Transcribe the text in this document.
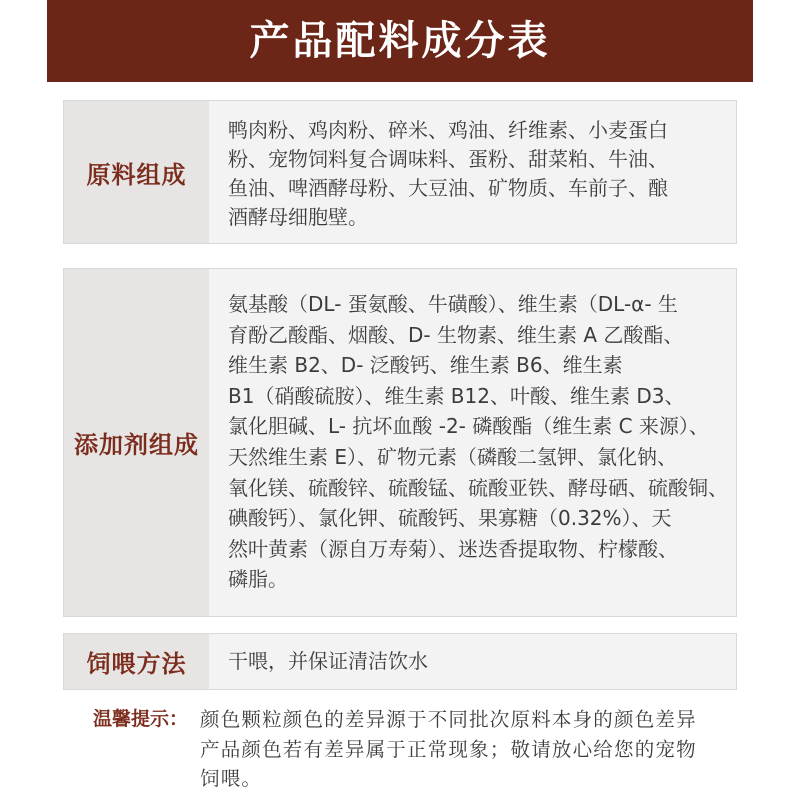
产品配料成分表
原料组成
鸭肉粉、鸡肉粉、碎米、鸡油、纤维素、小麦蛋白
粉、宠物饲料复合调味料、蛋粉、甜菜粕、牛油、
鱼油、啤酒酵母粉、大豆油、矿物质、车前子、酿
酒酵母细胞壁。
添加剂组成
氨基酸（DL- 蛋氨酸、牛磺酸）、维生素（DL-α- 生
育酚乙酸酯、烟酸、D- 生物素、维生素 A 乙酸酯、
维生素 B2、D- 泛酸钙、维生素 B6、维生素
B1（硝酸硫胺）、维生素 B12、叶酸、维生素 D3、
氯化胆碱、L- 抗坏血酸 -2- 磷酸酯（维生素 C 来源）、
天然维生素 E）、矿物元素（磷酸二氢钾、氯化钠、
氧化镁、硫酸锌、硫酸锰、硫酸亚铁、酵母硒、硫酸铜、
碘酸钙）、氯化钾、硫酸钙、果寡糖（0.32%）、天
然叶黄素（源自万寿菊）、迷迭香提取物、柠檬酸、
磷脂。
饲喂方法 干喂，并保证清洁饮水
温馨提示： 颜色颗粒颜色的差异源于不同批次原料本身的颜色差异
产品颜色若有差异属于正常现象；敬请放心给您的宠物
饲喂。
